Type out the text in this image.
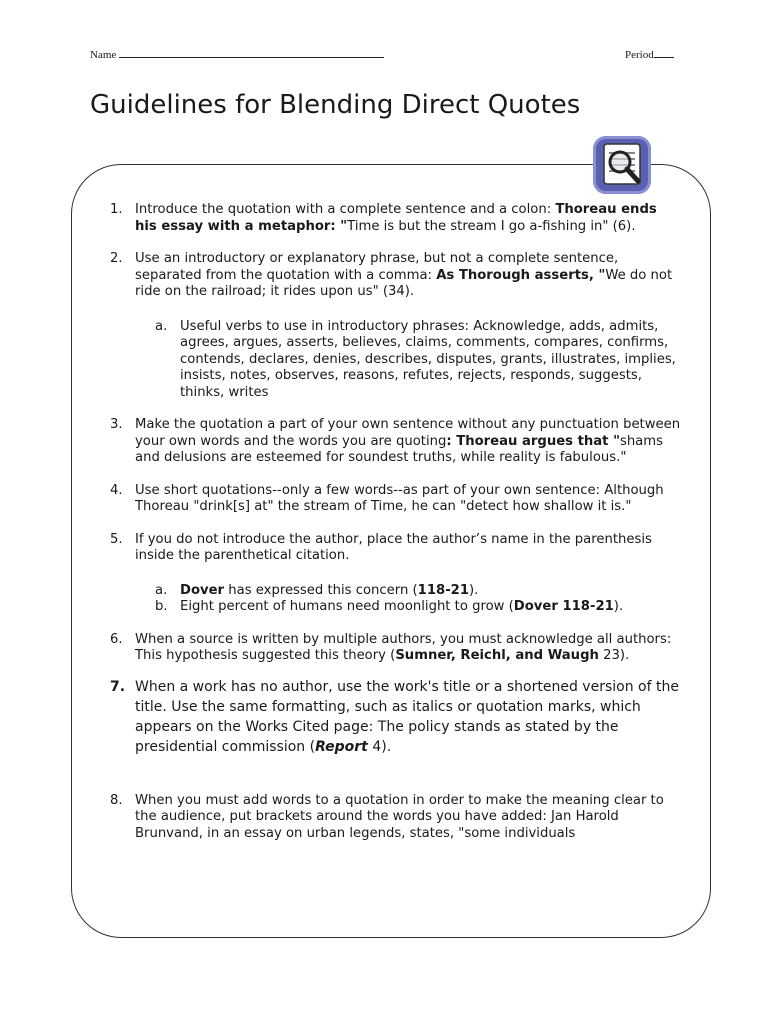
Name	Period
Guidelines for Blending Direct Quotes
1. Introduce the quotation with a complete sentence and a colon: Thoreau ends his essay with a metaphor: "Time is but the stream I go a-fishing in" (6).
2. Use an introductory or explanatory phrase, but not a complete sentence, separated from the quotation with a comma: As Thorough asserts, "We do not ride on the railroad; it rides upon us" (34).
a. Useful verbs to use in introductory phrases: Acknowledge, adds, admits, agrees, argues, asserts, believes, claims, comments, compares, confirms, contends, declares, denies, describes, disputes, grants, illustrates, implies, insists, notes, observes, reasons, refutes, rejects, responds, suggests, thinks, writes
3. Make the quotation a part of your own sentence without any punctuation between your own words and the words you are quoting: Thoreau argues that "shams and delusions are esteemed for soundest truths, while reality is fabulous."
4. Use short quotations--only a few words--as part of your own sentence: Although Thoreau "drink[s] at" the stream of Time, he can "detect how shallow it is."
5. If you do not introduce the author, place the author’s name in the parenthesis inside the parenthetical citation.
a. Dover has expressed this concern (118-21).
b. Eight percent of humans need moonlight to grow (Dover 118-21).
6. When a source is written by multiple authors, you must acknowledge all authors: This hypothesis suggested this theory (Sumner, Reichl, and Waugh 23).
7. When a work has no author, use the work's title or a shortened version of the title. Use the same formatting, such as italics or quotation marks, which appears on the Works Cited page: The policy stands as stated by the presidential commission (Report 4).
8. When you must add words to a quotation in order to make the meaning clear to the audience, put brackets around the words you have added: Jan Harold Brunvand, in an essay on urban legends, states, "some individuals
